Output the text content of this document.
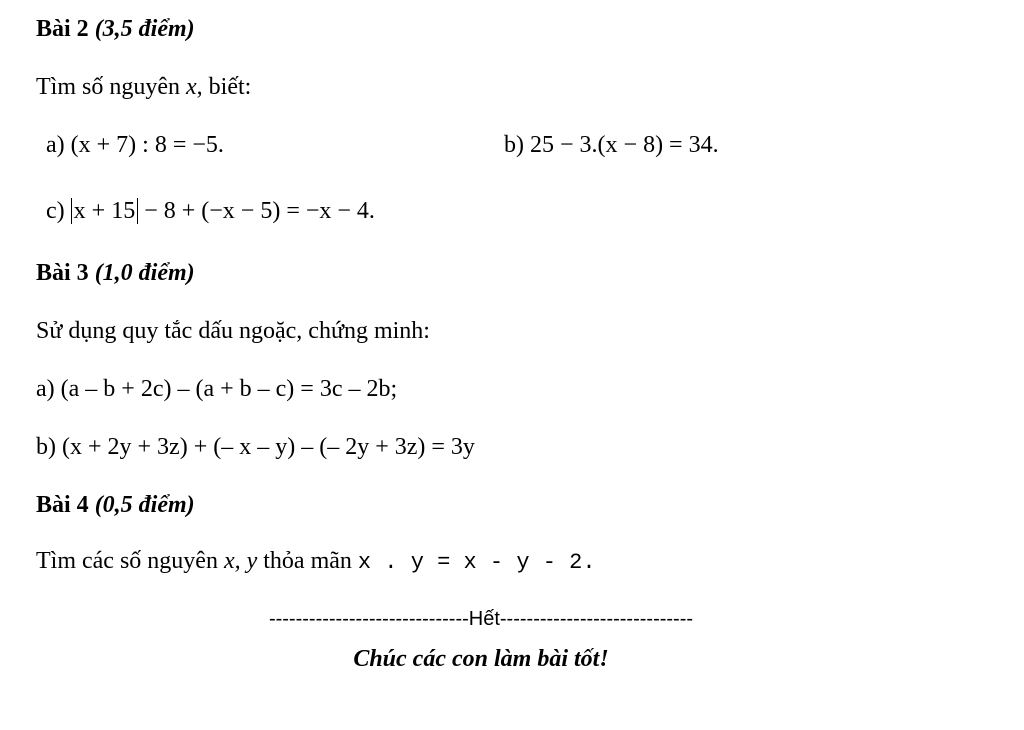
Bài 2 (3,5 điểm)
Tìm số nguyên x, biết:
a) (x + 7) : 8 = −5.	b) 25 − 3.(x − 8) = 34.
c) x + 15 − 8 + (−x − 5) = −x − 4.
Bài 3 (1,0 điểm)
Sử dụng quy tắc dấu ngoặc, chứng minh:
a) (a – b + 2c) – (a + b – c) = 3c – 2b;
b) (x + 2y + 3z) + (– x – y) – (– 2y + 3z) = 3y
Bài 4 (0,5 điểm)
Tìm các số nguyên x, y thỏa mãn x . y = x - y - 2.
------------------------------Hết-----------------------------
Chúc các con làm bài tốt!
